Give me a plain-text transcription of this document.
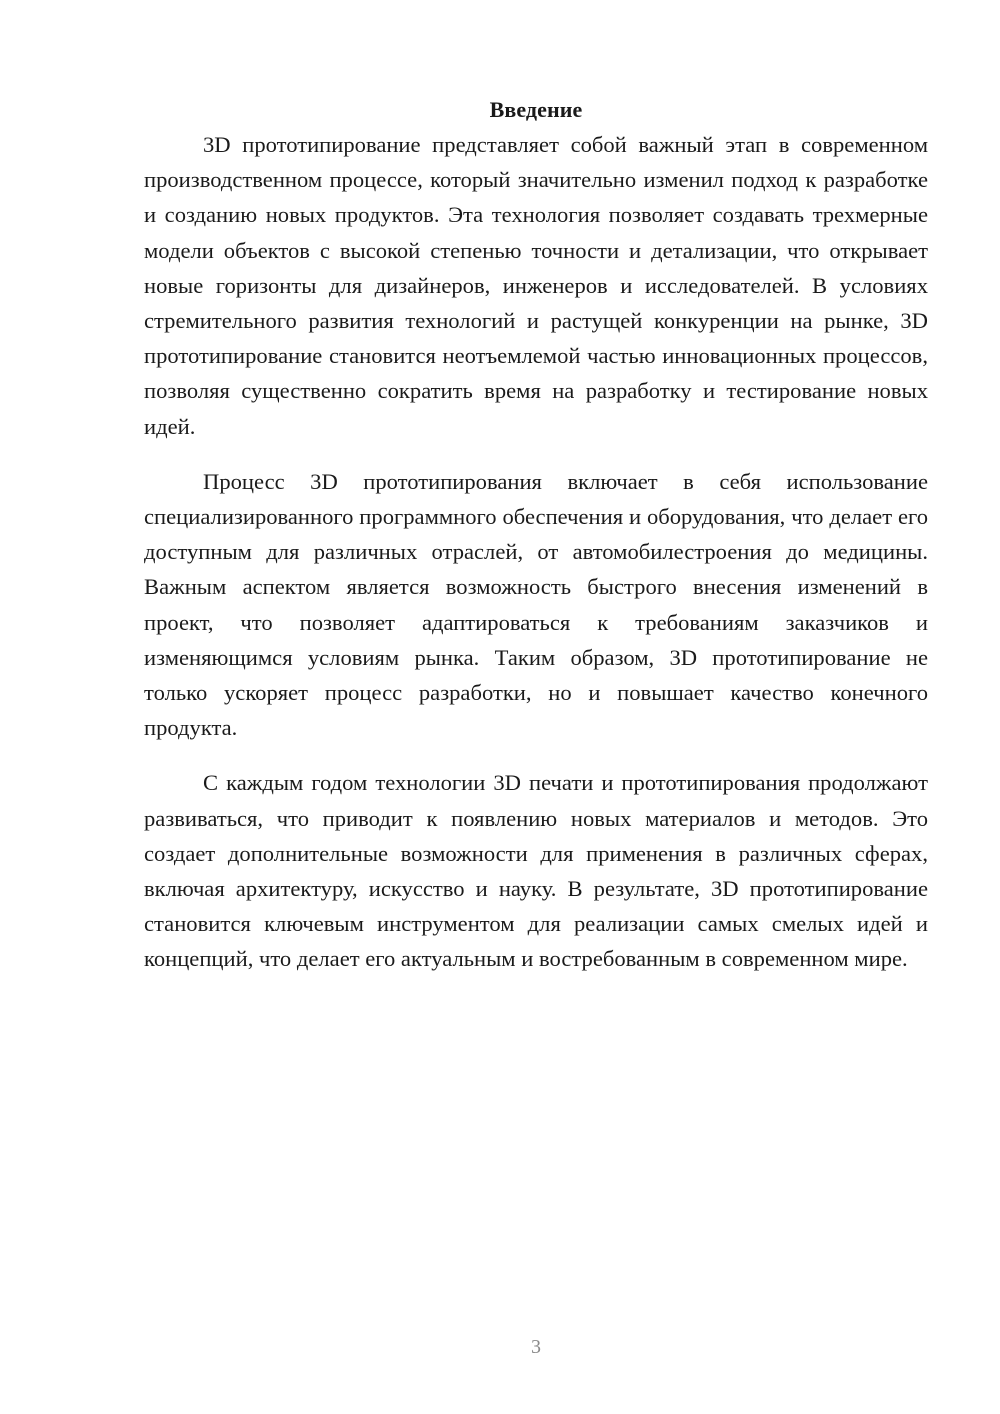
Введение

3D прототипирование представляет собой важный этап в современном производственном процессе, который значительно изменил подход к разработке и созданию новых продуктов. Эта технология позволяет создавать трехмерные модели объектов с высокой степенью точности и детализации, что открывает новые горизонты для дизайнеров, инженеров и исследователей. В условиях стремительного развития технологий и растущей конкуренции на рынке, 3D прототипирование становится неотъемлемой частью инновационных процессов, позволяя существенно сократить время на разработку и тестирование новых идей.

Процесс 3D прототипирования включает в себя использование специализированного программного обеспечения и оборудования, что делает его доступным для различных отраслей, от автомобилестроения до медицины. Важным аспектом является возможность быстрого внесения изменений в проект, что позволяет адаптироваться к требованиям заказчиков и изменяющимся условиям рынка. Таким образом, 3D прототипирование не только ускоряет процесс разработки, но и повышает качество конечного продукта.

С каждым годом технологии 3D печати и прототипирования продолжают развиваться, что приводит к появлению новых материалов и методов. Это создает дополнительные возможности для применения в различных сферах, включая архитектуру, искусство и науку. В результате, 3D прототипирование становится ключевым инструментом для реализации самых смелых идей и концепций, что делает его актуальным и востребованным в современном мире.

3
